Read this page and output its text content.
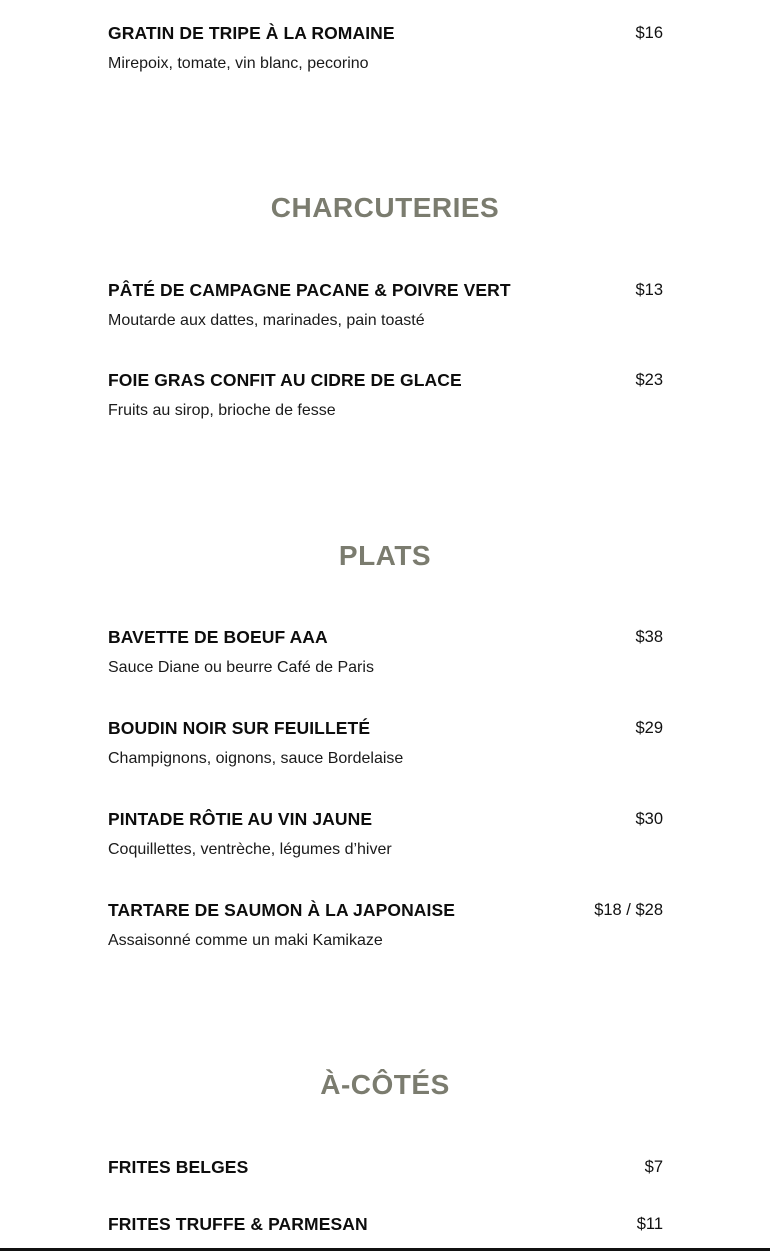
GRATIN DE TRIPE À LA ROMAINE	$16
Mirepoix, tomate, vin blanc, pecorino
PÂTÉ DE CAMPAGNE PACANE & POIVRE VERT	$13
Moutarde aux dattes, marinades, pain toasté
FOIE GRAS CONFIT AU CIDRE DE GLACE	$23
Fruits au sirop, brioche de fesse
BAVETTE DE BOEUF AAA	$38
Sauce Diane ou beurre Café de Paris
BOUDIN NOIR SUR FEUILLETÉ	$29
Champignons, oignons, sauce Bordelaise
PINTADE RÔTIE AU VIN JAUNE	$30
Coquillettes, ventrèche, légumes d’hiver
TARTARE DE SAUMON À LA JAPONAISE	$18 / $28
Assaisonné comme un maki Kamikaze
FRITES BELGES	$7
FRITES TRUFFE & PARMESAN	$11
CHARCUTERIES
PLATS
À-CÔTÉS
